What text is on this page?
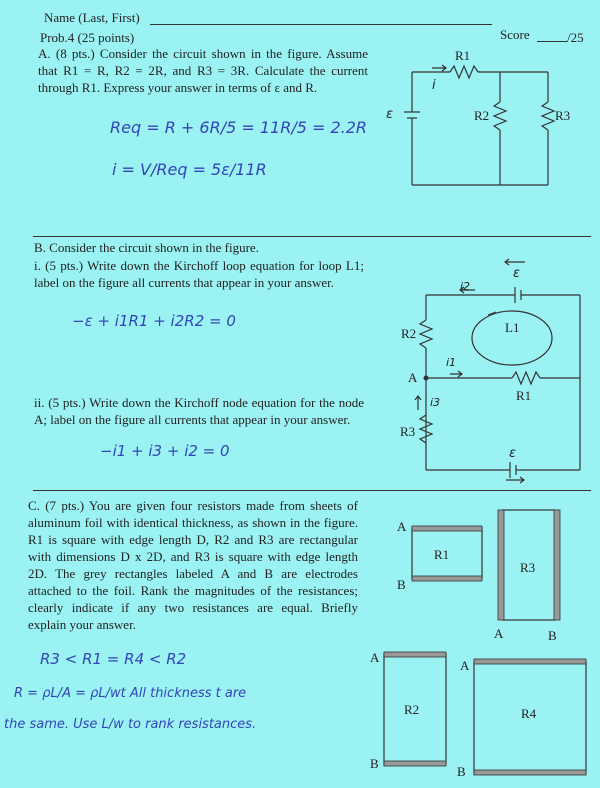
Name (Last, First)
Score	/25
Prob.4 (25 points)
A. (8 pts.) Consider the circuit shown in the figure. Assume that R1 = R, R2 = 2R, and R3 = 3R. Calculate the current through R1. Express your answer in terms of ε and R.
Req = R + 6R/5 = 11R/5 = 2.2R
i = V/Req = 5ε/11R
ε
R1
R2	R3
i
B. Consider the circuit shown in the figure.
i. (5 pts.) Write down the Kirchoff loop equation for loop L1; label on the figure all currents that appear in your answer.
−ε + i1R1 + i2R2 = 0
ii. (5 pts.) Write down the Kirchoff node equation for the node A; label on the figure all currents that appear in your answer.
−i1 + i3 + i2 = 0
ε
ε
R1
R2
R3
L1
A
i1
i2
i3
C. (7 pts.) You are given four resistors made from sheets of aluminum foil with identical thickness, as shown in the figure. R1 is square with edge length D, R2 and R3 are rectangular with dimensions D x 2D, and R3 is square with edge length 2D. The grey rectangles labeled A and B are electrodes attached to the foil. Rank the magnitudes of the resistances; clearly indicate if any two resistances are equal. Briefly explain your answer.
R3 < R1 = R4 < R2
R = ρL/A = ρL/wt All thickness t are
the same. Use L/w to rank resistances.
R1
R3
R2	R4
A
B
A	B
A
B
A
B
